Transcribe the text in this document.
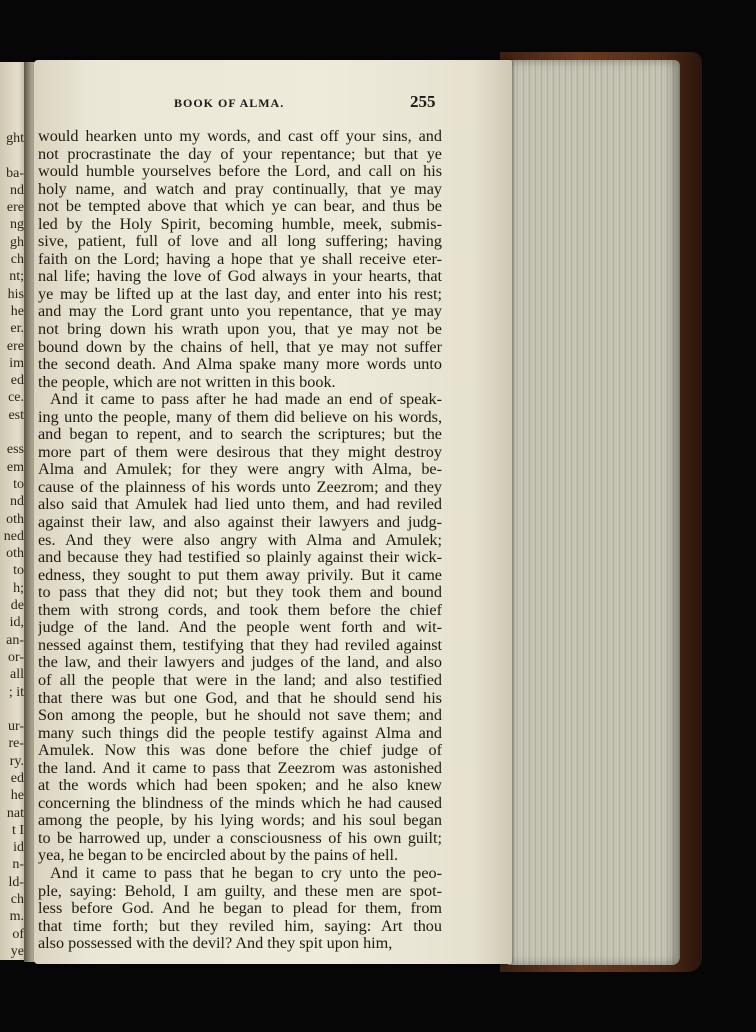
ght
ba-
nd
ere
ng
gh
ch
nt;
his
he
er.
ere
im
ed
ce.
est
ess
em
to
nd
oth
ned
oth
to
h;
de
id,
an-
or-
all
; it
ur-
re-
ry.
ed
he
nat
t I
id
n-
ld-
ch
m.
of
ye
BOOK OF ALMA.	255
would hearken unto my words, and cast off your sins, and
not procrastinate the day of your repentance; but that ye
would humble yourselves before the Lord, and call on his
holy name, and watch and pray continually, that ye may
not be tempted above that which ye can bear, and thus be
led by the Holy Spirit, becoming humble, meek, submis-
sive, patient, full of love and all long suffering; having
faith on the Lord; having a hope that ye shall receive eter-
nal life; having the love of God always in your hearts, that
ye may be lifted up at the last day, and enter into his rest;
and may the Lord grant unto you repentance, that ye may
not bring down his wrath upon you, that ye may not be
bound down by the chains of hell, that ye may not suffer
the second death. And Alma spake many more words unto
the people, which are not written in this book.
And it came to pass after he had made an end of speak-
ing unto the people, many of them did believe on his words,
and began to repent, and to search the scriptures; but the
more part of them were desirous that they might destroy
Alma and Amulek; for they were angry with Alma, be-
cause of the plainness of his words unto Zeezrom; and they
also said that Amulek had lied unto them, and had reviled
against their law, and also against their lawyers and judg-
es. And they were also angry with Alma and Amulek;
and because they had testified so plainly against their wick-
edness, they sought to put them away privily. But it came
to pass that they did not; but they took them and bound
them with strong cords, and took them before the chief
judge of the land. And the people went forth and wit-
nessed against them, testifying that they had reviled against
the law, and their lawyers and judges of the land, and also
of all the people that were in the land; and also testified
that there was but one God, and that he should send his
Son among the people, but he should not save them; and
many such things did the people testify against Alma and
Amulek. Now this was done before the chief judge of
the land. And it came to pass that Zeezrom was astonished
at the words which had been spoken; and he also knew
concerning the blindness of the minds which he had caused
among the people, by his lying words; and his soul began
to be harrowed up, under a consciousness of his own guilt;
yea, he began to be encircled about by the pains of hell.
And it came to pass that he began to cry unto the peo-
ple, saying: Behold, I am guilty, and these men are spot-
less before God. And he began to plead for them, from
that time forth; but they reviled him, saying: Art thou
also possessed with the devil? And they spit upon him,
